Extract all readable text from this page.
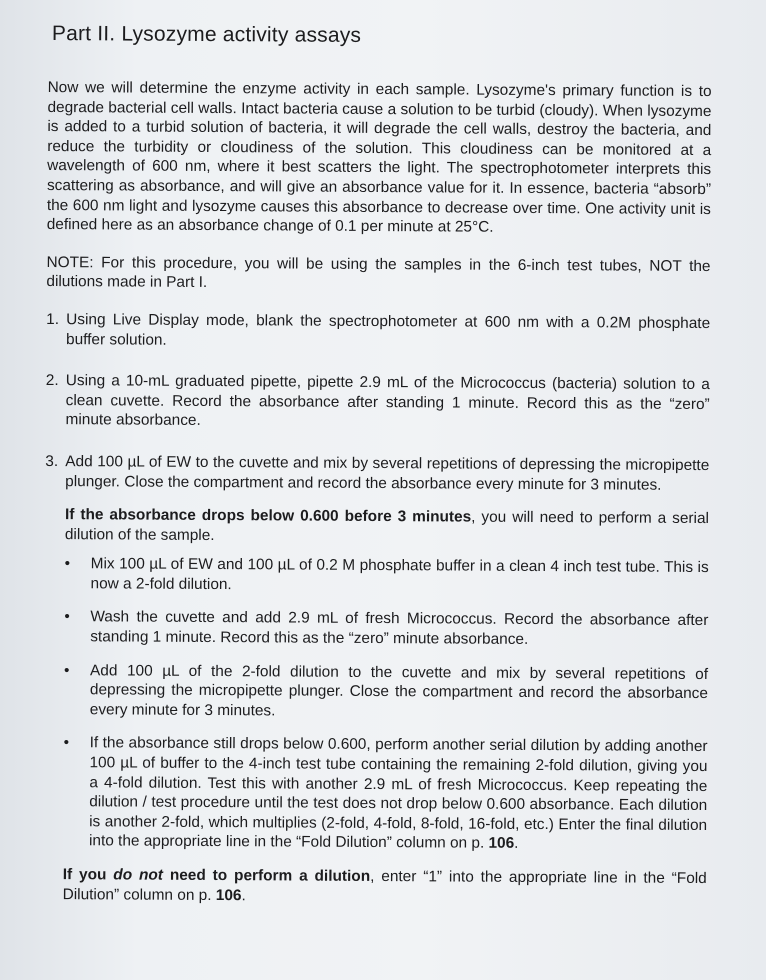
Part II. Lysozyme activity assays

Now we will determine the enzyme activity in each sample. Lysozyme's primary function is to degrade bacterial cell walls. Intact bacteria cause a solution to be turbid (cloudy). When lysozyme is added to a turbid solution of bacteria, it will degrade the cell walls, destroy the bacteria, and reduce the turbidity or cloudiness of the solution. This cloudiness can be monitored at a wavelength of 600 nm, where it best scatters the light. The spectrophotometer interprets this scattering as absorbance, and will give an absorbance value for it. In essence, bacteria “absorb” the 600 nm light and lysozyme causes this absorbance to decrease over time. One activity unit is defined here as an absorbance change of 0.1 per minute at 25°C.

NOTE: For this procedure, you will be using the samples in the 6-inch test tubes, NOT the dilutions made in Part I.

1. Using Live Display mode, blank the spectrophotometer at 600 nm with a 0.2M phosphate buffer solution.
2. Using a 10-mL graduated pipette, pipette 2.9 mL of the Micrococcus (bacteria) solution to a clean cuvette. Record the absorbance after standing 1 minute. Record this as the “zero” minute absorbance.
3. Add 100 µL of EW to the cuvette and mix by several repetitions of depressing the micropipette plunger. Close the compartment and record the absorbance every minute for 3 minutes.
If the absorbance drops below 0.600 before 3 minutes, you will need to perform a serial dilution of the sample.
• Mix 100 µL of EW and 100 µL of 0.2 M phosphate buffer in a clean 4 inch test tube. This is now a 2-fold dilution.
• Wash the cuvette and add 2.9 mL of fresh Micrococcus. Record the absorbance after standing 1 minute. Record this as the “zero” minute absorbance.
• Add 100 µL of the 2-fold dilution to the cuvette and mix by several repetitions of depressing the micropipette plunger. Close the compartment and record the absorbance every minute for 3 minutes.
• If the absorbance still drops below 0.600, perform another serial dilution by adding another 100 µL of buffer to the 4-inch test tube containing the remaining 2-fold dilution, giving you a 4-fold dilution. Test this with another 2.9 mL of fresh Micrococcus. Keep repeating the dilution / test procedure until the test does not drop below 0.600 absorbance. Each dilution is another 2-fold, which multiplies (2-fold, 4-fold, 8-fold, 16-fold, etc.) Enter the final dilution into the appropriate line in the “Fold Dilution” column on p. 106.
If you do not need to perform a dilution, enter “1” into the appropriate line in the “Fold Dilution” column on p. 106.
